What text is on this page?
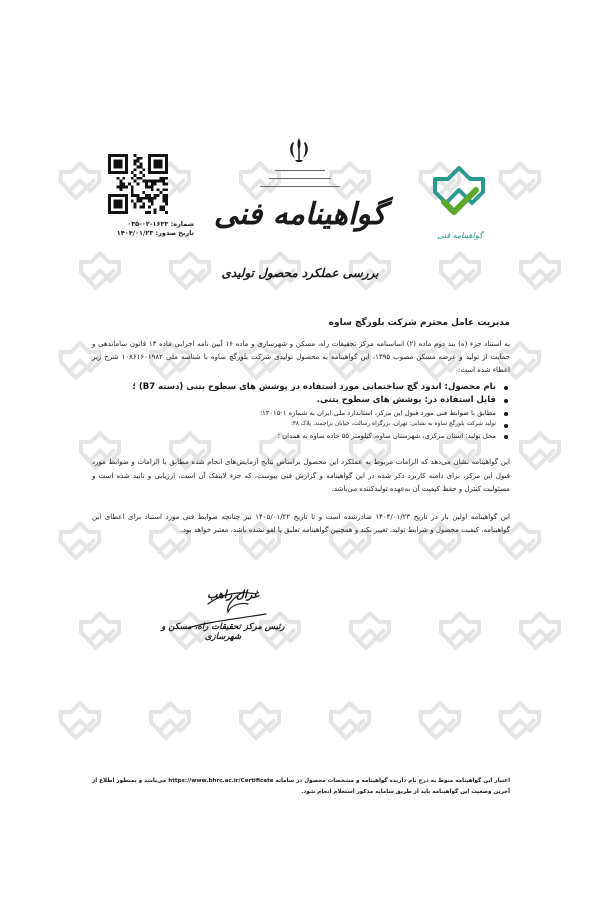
شماره: ۱۶۳۳-۰۲-۰۳۵
تاریخ صدور: ۱۴۰۴/۰۱/۲۳
گواهینامه فنی
بررسی عملکرد محصول تولیدی
گواهینامه فنی

مدیریت عامل محترم شرکت بلورگچ ساوه

به استناد جزء (ه) بند دوم ماده (۲) اساسنامه مرکز تحقیقات راه، مسکن و شهرسازی و ماده ۱۶ آیین نامه اجرایی ماده ۱۴ قانون ساماندهی و حمایت از تولید و عرضه مسکن مصوب ۱۳۹۵، این گواهینامه به محصول تولیدی شرکت بلورگچ ساوه با شناسه ملی ۱۰۸۶۱۶۰۱۹۸۲ شرح زیر اعطاء شده است:

نام محصول: اندود گچ ساختمانی مورد استفاده در پوشش های سطوح بتنی (دسته B7) ؛
قابل استفاده در: پوشش های سطوح بتنی.
مطابق با ضوابط فنی مورد قبول این مرکز، استاندارد ملی ایران به شماره ۱-۱۲۰۱۵؛
تولید شرکت بلورگچ ساوه به نشانی: تهران، بزرگراه رسالت، خیابان بزاجمند، پلاک ۳۸؛
محل تولید: استان مرکزی، شهرستان ساوه، کیلومتر ۵۵ جاده ساوه به همدان ؛

این گواهینامه نشان می‌دهد که الزامات مربوط به عملکرد این محصول براساس نتایج آزمایش‌های انجام شده مطابق با الزامات و ضوابط مورد قبول این مرکز، برای دامنه کاربرد ذکر شده در این گواهینامه و گزارش فنی پیوست، که جزء لاینفک آن است، ارزیابی و تایید شده است و مسئولیت کنترل و حفظ کیفیت آن به‌عهده تولیدکننده می‌باشد.

این گواهینامه اولین بار در تاریخ ۱۴۰۴/۰۱/۲۳ صادرشده است و تا تاریخ ۱۴۰۵/۰۱/۲۲ نیز چنانچه ضوابط فنی مورد استناد برای اعطای این گواهینامه، کیفیت محصول و شرایط تولید، تغییر نکند و همچنین گواهینامه تعلیق یا لغو نشده باشد، معتبر خواهد بود.

غزال راهب
رئیس مرکز تحقیقات راه، مسکن و شهرسازی
اعتبار این گواهینامه منوط به درج نام دارنده گواهینامه و مشخصات محصول در سامانه https://www.bhrc.ac.ir/Certificate می‌باشد و بمنظور اطلاع از آخرین وضعیت این گواهینامه باید از طریق سامانه مذکور استعلام انجام شود.
